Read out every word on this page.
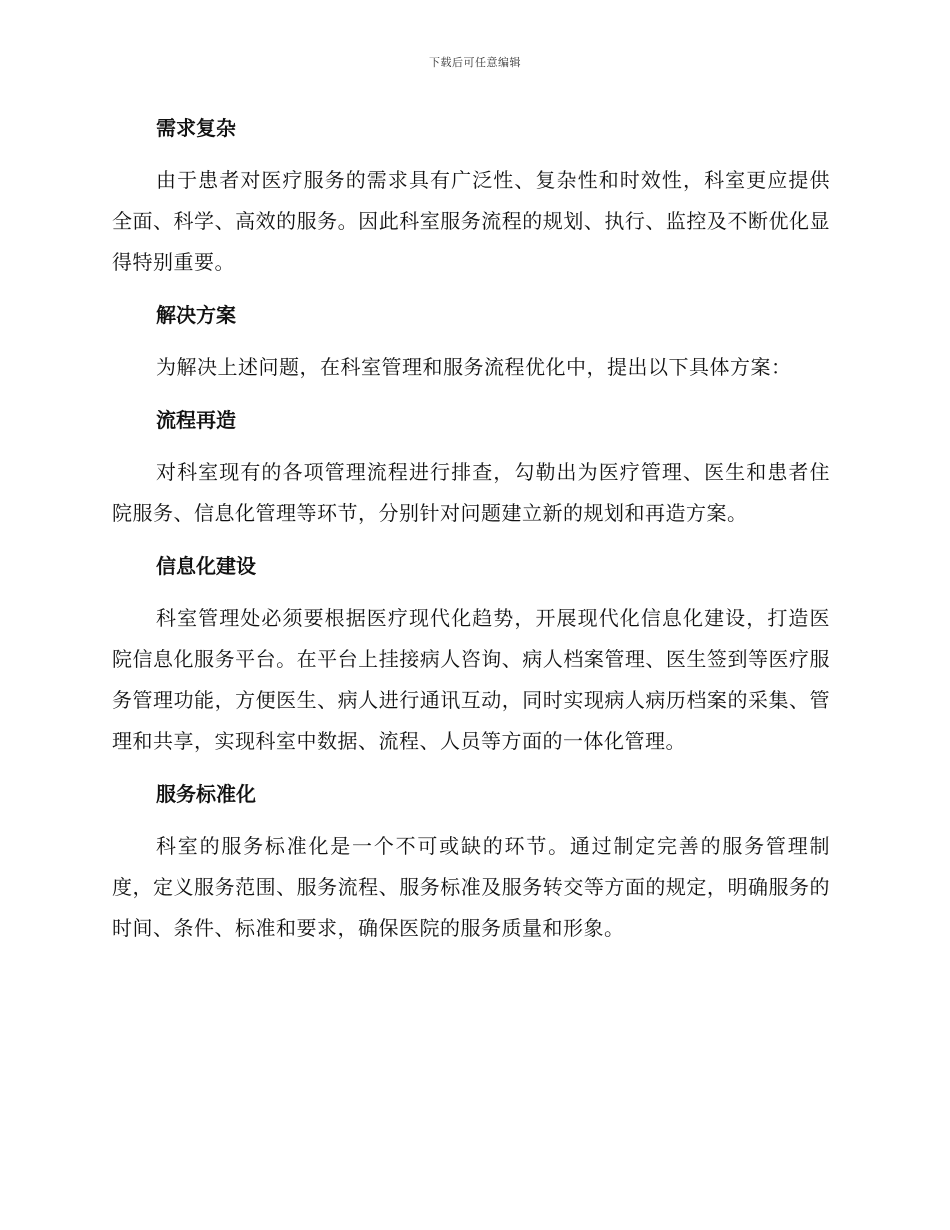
下载后可任意编辑
需求复杂

由于患者对医疗服务的需求具有广泛性、复杂性和时效性，科室更应提供全面、科学、高效的服务。因此科室服务流程的规划、执行、监控及不断优化显得特别重要。

解决方案

为解决上述问题，在科室管理和服务流程优化中，提出以下具体方案：

流程再造

对科室现有的各项管理流程进行排查，勾勒出为医疗管理、医生和患者住院服务、信息化管理等环节，分别针对问题建立新的规划和再造方案。

信息化建设

科室管理处必须要根据医疗现代化趋势，开展现代化信息化建设，打造医院信息化服务平台。在平台上挂接病人咨询、病人档案管理、医生签到等医疗服务管理功能，方便医生、病人进行通讯互动，同时实现病人病历档案的采集、管理和共享，实现科室中数据、流程、人员等方面的一体化管理。

服务标准化

科室的服务标准化是一个不可或缺的环节。通过制定完善的服务管理制度，定义服务范围、服务流程、服务标准及服务转交等方面的规定，明确服务的时间、条件、标准和要求，确保医院的服务质量和形象。
